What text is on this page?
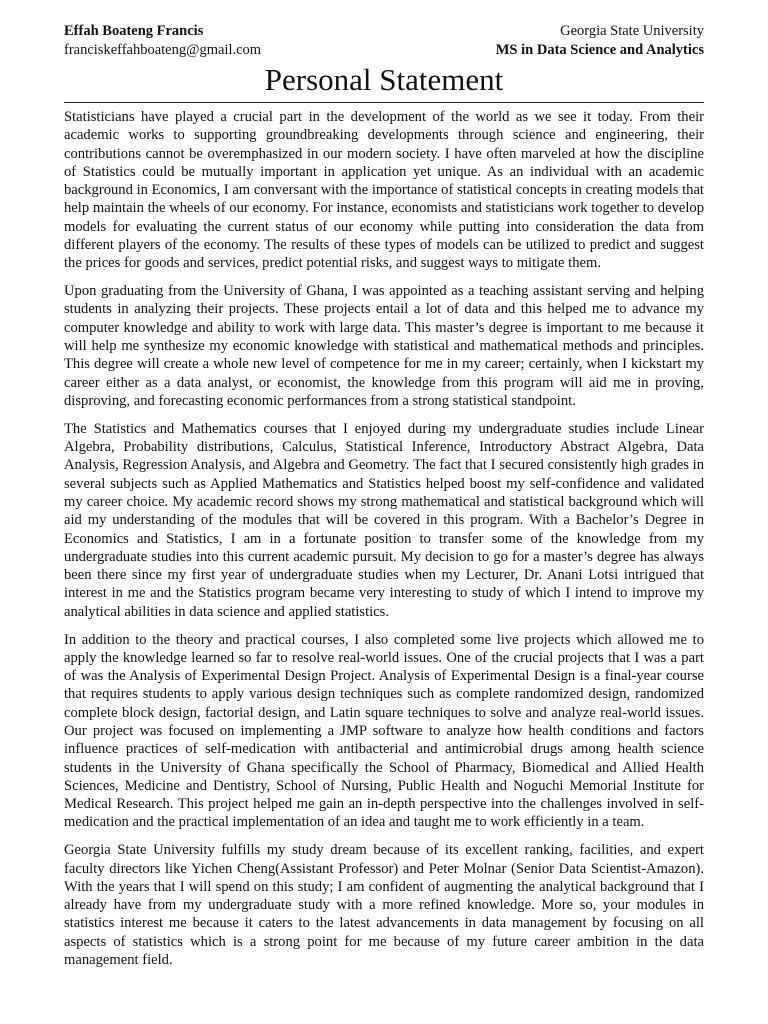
Effah Boateng Francis	Georgia State University
franciskeffahboateng@gmail.com	MS in Data Science and Analytics
Personal Statement

Statisticians have played a crucial part in the development of the world as we see it today. From their academic works to supporting groundbreaking developments through science and engineering, their contributions cannot be overemphasized in our modern society. I have often marveled at how the discipline of Statistics could be mutually important in application yet unique. As an individual with an academic background in Economics, I am conversant with the importance of statistical concepts in creating models that help maintain the wheels of our economy. For instance, economists and statisticians work together to develop models for evaluating the current status of our economy while putting into consideration the data from different players of the economy. The results of these types of models can be utilized to predict and suggest the prices for goods and services, predict potential risks, and suggest ways to mitigate them.

Upon graduating from the University of Ghana, I was appointed as a teaching assistant serving and helping students in analyzing their projects. These projects entail a lot of data and this helped me to advance my computer knowledge and ability to work with large data. This master’s degree is important to me because it will help me synthesize my economic knowledge with statistical and mathematical methods and principles. This degree will create a whole new level of competence for me in my career; certainly, when I kickstart my career either as a data analyst, or economist, the knowledge from this program will aid me in proving, disproving, and forecasting economic performances from a strong statistical standpoint.

The Statistics and Mathematics courses that I enjoyed during my undergraduate studies include Linear Algebra, Probability distributions, Calculus, Statistical Inference, Introductory Abstract Algebra, Data Analysis, Regression Analysis, and Algebra and Geometry. The fact that I secured consistently high grades in several subjects such as Applied Mathematics and Statistics helped boost my self-confidence and validated my career choice. My academic record shows my strong mathematical and statistical background which will aid my understanding of the modules that will be covered in this program. With a Bachelor’s Degree in Economics and Statistics, I am in a fortunate position to transfer some of the knowledge from my undergraduate studies into this current academic pursuit. My decision to go for a master’s degree has always been there since my first year of undergraduate studies when my Lecturer, Dr. Anani Lotsi intrigued that interest in me and the Statistics program became very interesting to study of which I intend to improve my analytical abilities in data science and applied statistics.

In addition to the theory and practical courses, I also completed some live projects which allowed me to apply the knowledge learned so far to resolve real-world issues. One of the crucial projects that I was a part of was the Analysis of Experimental Design Project. Analysis of Experimental Design is a final-year course that requires students to apply various design techniques such as complete randomized design, randomized complete block design, factorial design, and Latin square techniques to solve and analyze real-world issues. Our project was focused on implementing a JMP software to analyze how health conditions and factors influence practices of self-medication with antibacterial and antimicrobial drugs among health science students in the University of Ghana specifically the School of Pharmacy, Biomedical and Allied Health Sciences, Medicine and Dentistry, School of Nursing, Public Health and Noguchi Memorial Institute for Medical Research. This project helped me gain an in-depth perspective into the challenges involved in self-medication and the practical implementation of an idea and taught me to work efficiently in a team.

Georgia State University fulfills my study dream because of its excellent ranking, facilities, and expert faculty directors like Yichen Cheng(Assistant Professor) and Peter Molnar (Senior Data Scientist-Amazon). With the years that I will spend on this study; I am confident of augmenting the analytical background that I already have from my undergraduate study with a more refined knowledge. More so, your modules in statistics interest me because it caters to the latest advancements in data management by focusing on all aspects of statistics which is a strong point for me because of my future career ambition in the data management field.
